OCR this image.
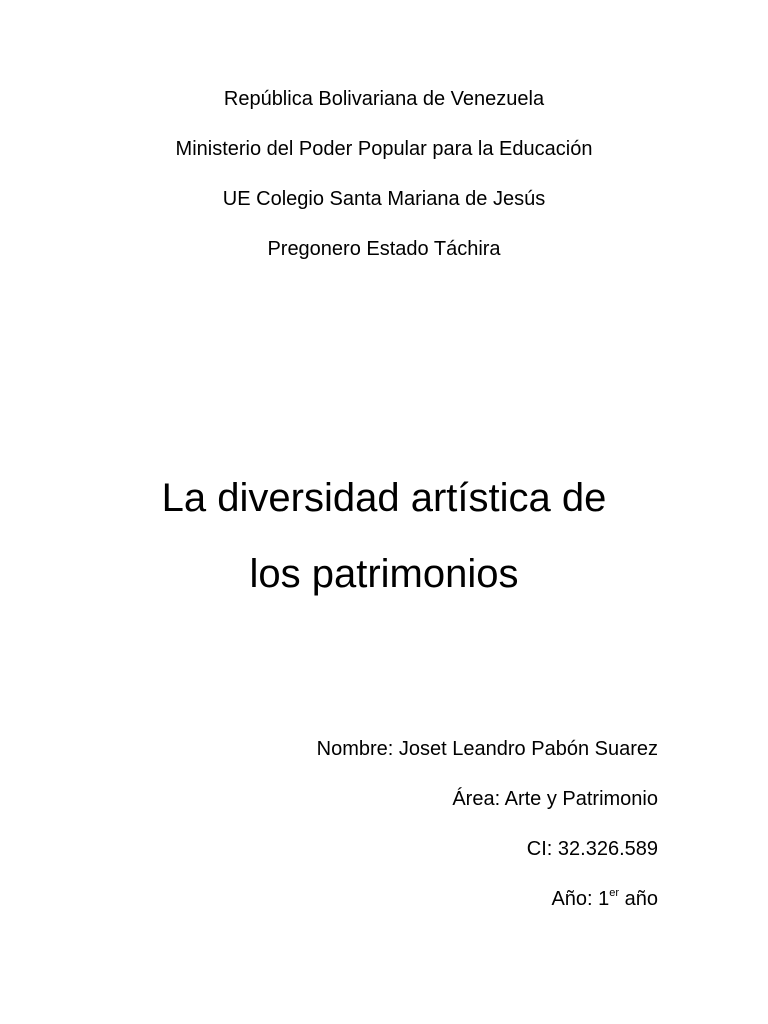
República Bolivariana de Venezuela
Ministerio del Poder Popular para la Educación
UE Colegio Santa Mariana de Jesús
Pregonero Estado Táchira
La diversidad artística de
los patrimonios
Nombre: Joset Leandro Pabón Suarez
Área: Arte y Patrimonio
CI: 32.326.589
Año: 1er año
